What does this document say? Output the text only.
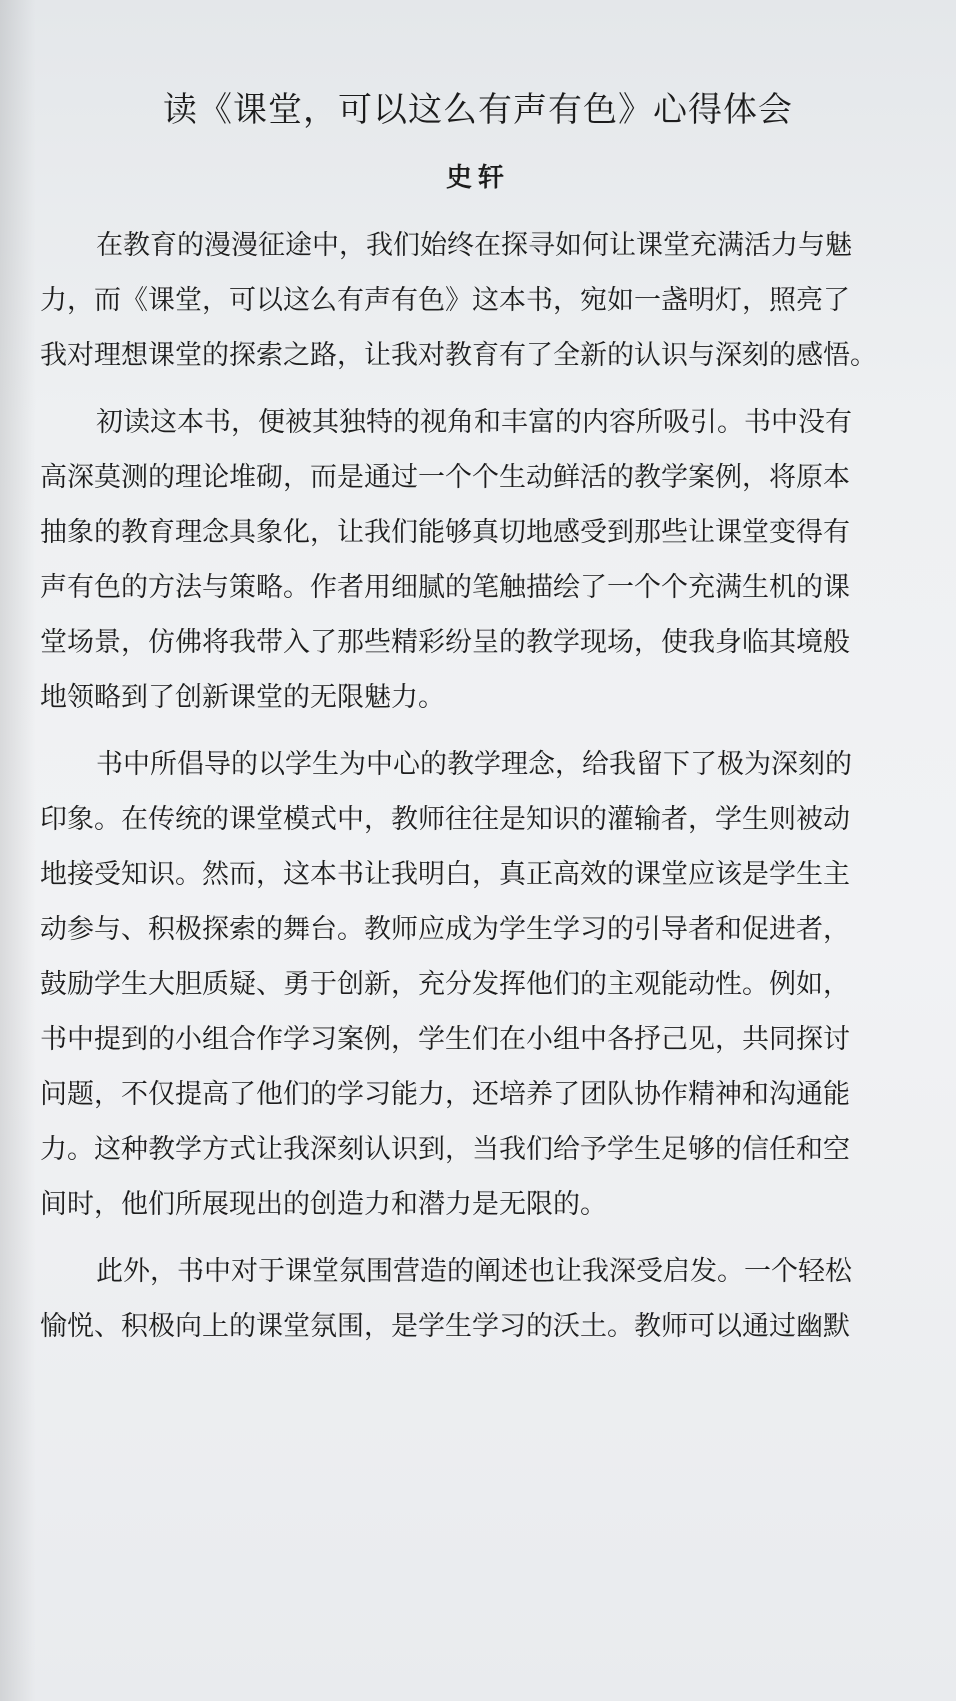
读《课堂，可以这么有声有色》心得体会
史轩

在教育的漫漫征途中，我们始终在探寻如何让课堂充满活力与魅
力，而《课堂，可以这么有声有色》这本书，宛如一盏明灯，照亮了
我对理想课堂的探索之路，让我对教育有了全新的认识与深刻的感悟。

初读这本书，便被其独特的视角和丰富的内容所吸引。书中没有
高深莫测的理论堆砌，而是通过一个个生动鲜活的教学案例，将原本
抽象的教育理念具象化，让我们能够真切地感受到那些让课堂变得有
声有色的方法与策略。作者用细腻的笔触描绘了一个个充满生机的课
堂场景，仿佛将我带入了那些精彩纷呈的教学现场，使我身临其境般
地领略到了创新课堂的无限魅力。

书中所倡导的以学生为中心的教学理念，给我留下了极为深刻的
印象。在传统的课堂模式中，教师往往是知识的灌输者，学生则被动
地接受知识。然而，这本书让我明白，真正高效的课堂应该是学生主
动参与、积极探索的舞台。教师应成为学生学习的引导者和促进者，
鼓励学生大胆质疑、勇于创新，充分发挥他们的主观能动性。例如，
书中提到的小组合作学习案例，学生们在小组中各抒己见，共同探讨
问题，不仅提高了他们的学习能力，还培养了团队协作精神和沟通能
力。这种教学方式让我深刻认识到，当我们给予学生足够的信任和空
间时，他们所展现出的创造力和潜力是无限的。

此外，书中对于课堂氛围营造的阐述也让我深受启发。一个轻松
愉悦、积极向上的课堂氛围，是学生学习的沃土。教师可以通过幽默
